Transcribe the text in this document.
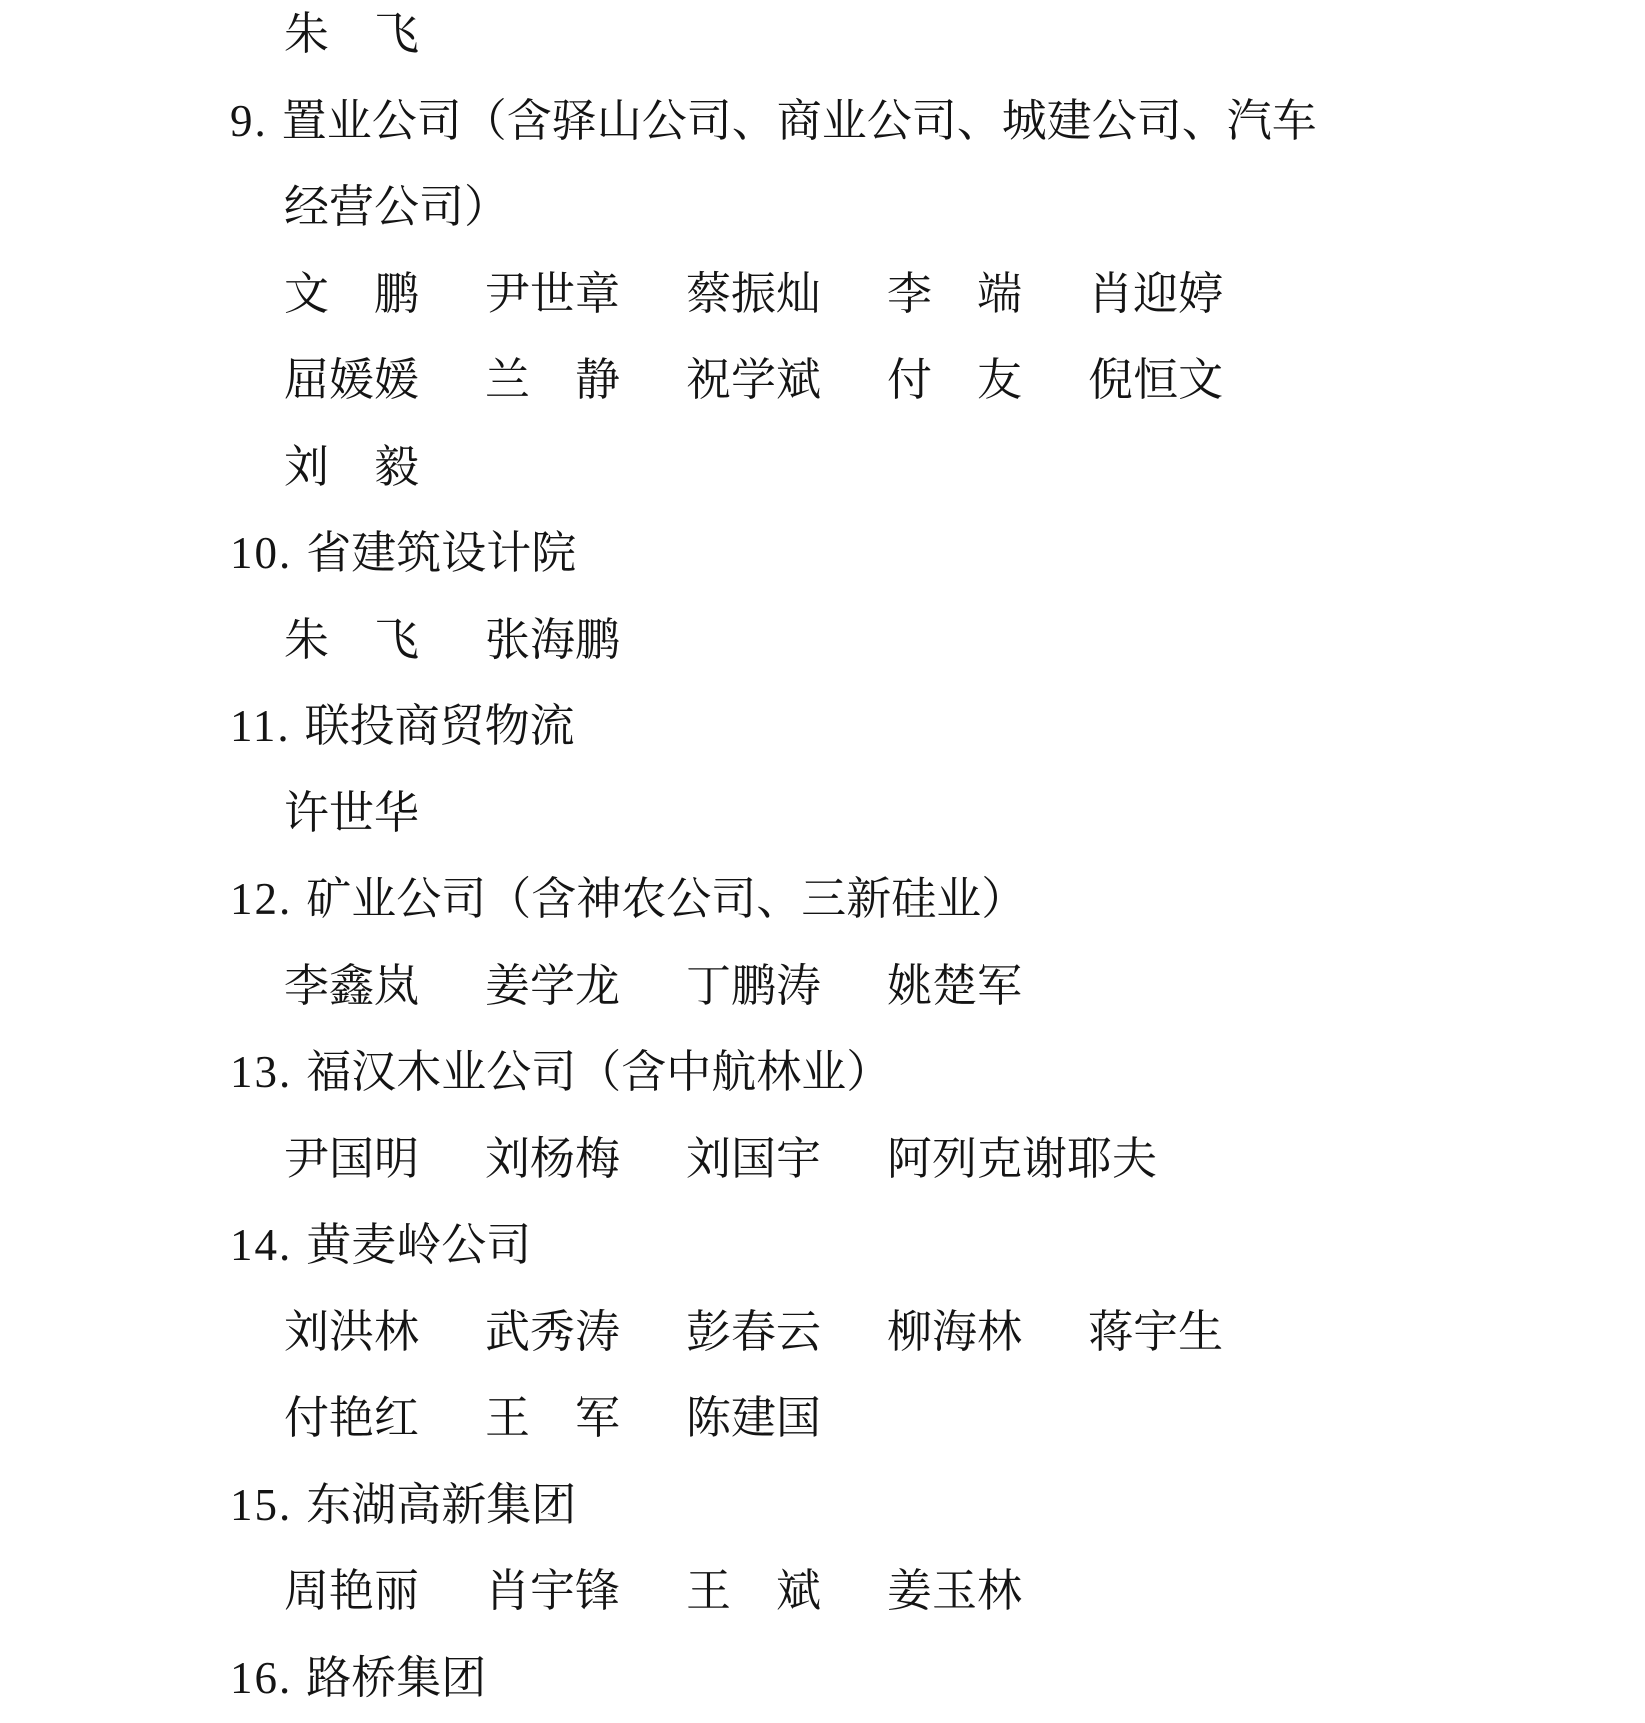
朱　飞
9. 置业公司（含驿山公司、商业公司、城建公司、汽车
经营公司）
文　鹏 尹世章 蔡振灿 李　端 肖迎婷
屈媛媛 兰　静 祝学斌 付　友 倪恒文
刘　毅
10. 省建筑设计院
朱　飞 张海鹏
11. 联投商贸物流
许世华
12. 矿业公司（含神农公司、三新硅业）
李鑫岚 姜学龙 丁鹏涛 姚楚军
13. 福汉木业公司（含中航林业）
尹国明 刘杨梅 刘国宇 阿列克谢耶夫
14. 黄麦岭公司
刘洪林 武秀涛 彭春云 柳海林 蒋宇生
付艳红 王　军 陈建国
15. 东湖高新集团
周艳丽 肖宇锋 王　斌 姜玉林
16. 路桥集团
